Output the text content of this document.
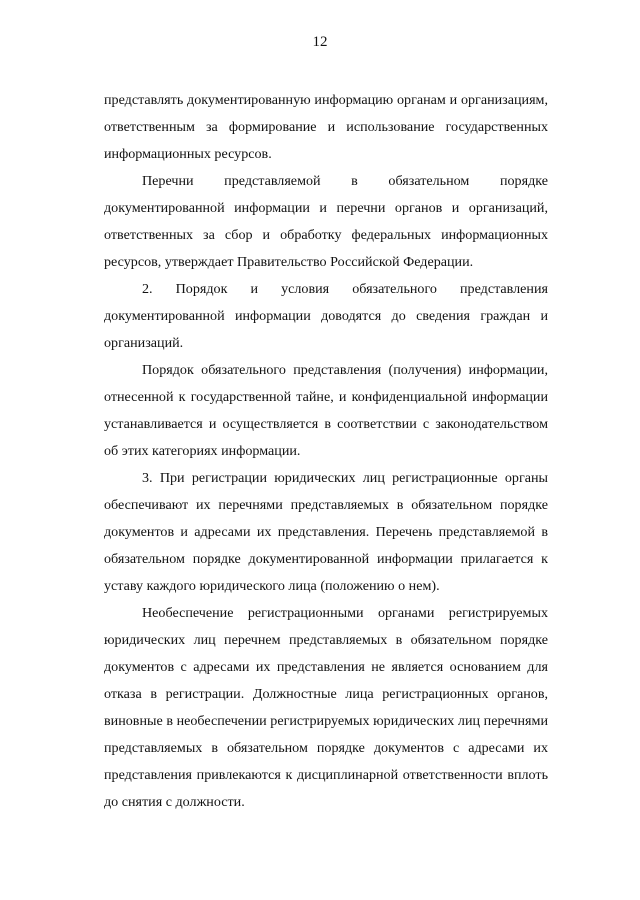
12

представлять документированную информацию органам и организациям, ответственным за формирование и использование государственных информационных ресурсов.

Перечни представляемой в обязательном порядке документированной информации и перечни органов и организаций, ответственных за сбор и обработку федеральных информационных ресурсов, утверждает Правительство Российской Федерации.

2. Порядок и условия обязательного представления документированной информации доводятся до сведения граждан и организаций.

Порядок обязательного представления (получения) информации, отнесенной к государственной тайне, и конфиденциальной информации устанавливается и осуществляется в соответствии с законодательством об этих категориях информации.

3. При регистрации юридических лиц регистрационные органы обеспечивают их перечнями представляемых в обязательном порядке документов и адресами их представления. Перечень представляемой в обязательном порядке документированной информации прилагается к уставу каждого юридического лица (положению о нем).

Необеспечение регистрационными органами регистрируемых юридических лиц перечнем представляемых в обязательном порядке документов с адресами их представления не является основанием для отказа в регистрации. Должностные лица регистрационных органов, виновные в необеспечении регистрируемых юридических лиц перечнями представляемых в обязательном порядке документов с адресами их представления привлекаются к дисциплинарной ответственности вплоть до снятия с должности.
